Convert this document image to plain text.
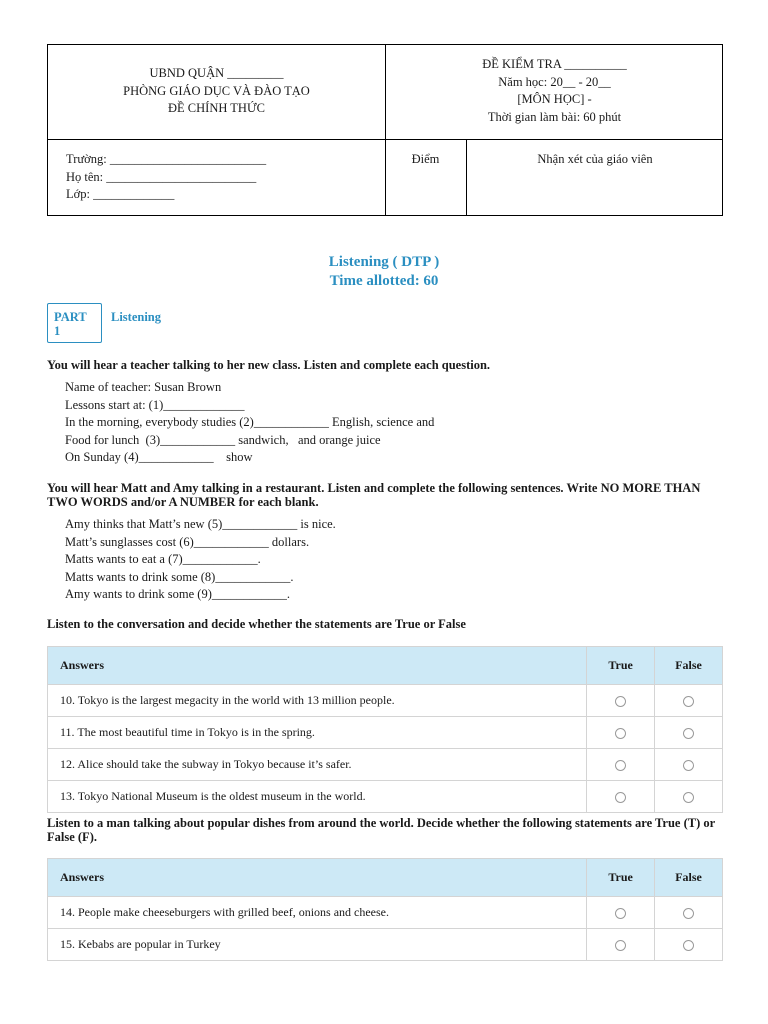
UBND QUẬN _________
PHÒNG GIÁO DỤC VÀ ĐÀO TẠO
ĐỀ CHÍNH THỨC
ĐỀ KIỂM TRA __________
Năm học: 20__ - 20__
[MÔN HỌC] -
Thời gian làm bài: 60 phút
Trường: _________________________
Họ tên: ________________________
Lớp: _____________
Điểm	Nhận xét của giáo viên
Listening ( DTP )
Time allotted: 60
PART
1
Listening
You will hear a teacher talking to her new class. Listen and complete each question.
Name of teacher: Susan Brown
Lessons start at: (1)_____________
In the morning, everybody studies (2)____________ English, science and
Food for lunch  (3)____________ sandwich,   and orange juice
On Sunday (4)____________    show
You will hear Matt and Amy talking in a restaurant. Listen and complete the following sentences. Write NO MORE THAN TWO WORDS and/or A NUMBER for each blank.
Amy thinks that Matt’s new (5)____________ is nice.
Matt’s sunglasses cost (6)____________ dollars.
Matts wants to eat a (7)____________.
Matts wants to drink some (8)____________.
Amy wants to drink some (9)____________.
Listen to the conversation and decide whether the statements are True or False
Answers	True	False
10. Tokyo is the largest megacity in the world with 13 million people.		
11. The most beautiful time in Tokyo is in the spring.		
12. Alice should take the subway in Tokyo because it’s safer.		
13. Tokyo National Museum is the oldest museum in the world.		
Listen to a man talking about popular dishes from around the world. Decide whether the following statements are True (T) or False (F).
Answers	True	False
14. People make cheeseburgers with grilled beef, onions and cheese.		
15. Kebabs are popular in Turkey		
